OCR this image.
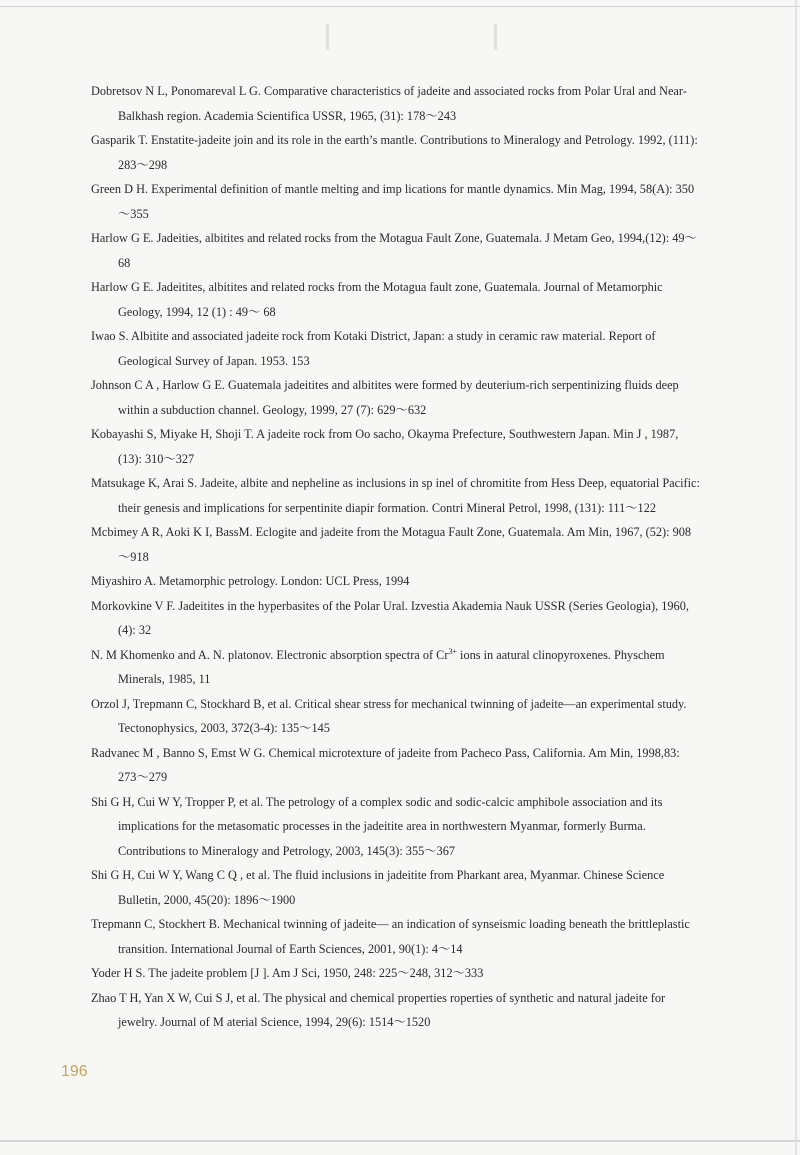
Dobretsov N L, Ponomareval L G. Comparative characteristics of jadeite and associated rocks from Polar Ural and Near-Balkhash region. Academia Scientifica USSR, 1965, (31): 178～243

Gasparik T. Enstatite-jadeite join and its role in the earth’s mantle. Contributions to Mineralogy and Petrology. 1992, (111): 283～298

Green D H. Experimental definition of mantle melting and imp lications for mantle dynamics. Min Mag, 1994, 58(A): 350～355

Harlow G E. Jadeities, albitites and related rocks from the Motagua Fault Zone, Guatemala. J Metam Geo, 1994,(12): 49～68

Harlow G E. Jadeitites, albitites and related rocks from the Motagua fault zone, Guatemala. Journal of Metamorphic Geology, 1994, 12 (1) : 49～ 68

Iwao S. Albitite and associated jadeite rock from Kotaki District, Japan: a study in ceramic raw material. Report of Geological Survey of Japan. 1953. 153

Johnson C A , Harlow G E. Guatemala jadeitites and albitites were formed by deuterium-rich serpentinizing fluids deep within a subduction channel. Geology, 1999, 27 (7): 629～632

Kobayashi S, Miyake H, Shoji T. A jadeite rock from Oo sacho, Okayma Prefecture, Southwestern Japan. Min J , 1987,(13): 310～327

Matsukage K, Arai S. Jadeite, albite and nepheline as inclusions in sp inel of chromitite from Hess Deep, equatorial Pacific: their genesis and implications for serpentinite diapir formation. Contri Mineral Petrol, 1998, (131): 111～122

Mcbimey A R, Aoki K I, BassM. Eclogite and jadeite from the Motagua Fault Zone, Guatemala. Am Min, 1967, (52): 908～918

Miyashiro A. Metamorphic petrology. London: UCL Press, 1994

Morkovkine V F. Jadeitites in the hyperbasites of the Polar Ural. Izvestia Akademia Nauk USSR (Series Geologia), 1960,(4): 32

N. M Khomenko and A. N. platonov. Electronic absorption spectra of $Cr^{3+}$ ions in aatural clinopyroxenes. Physchem Minerals, 1985, 11

Orzol J, Trepmann C, Stockhard B, et al. Critical shear stress for mechanical twinning of jadeite—an experimental study. Tectonophysics, 2003, 372(3-4): 135～145

Radvanec M , Banno S, Emst W G. Chemical microtexture of jadeite from Pacheco Pass, California. Am Min, 1998,83: 273～279

Shi G H, Cui W Y, Tropper P, et al. The petrology of a complex sodic and sodic-calcic amphibole association and its implications for the metasomatic processes in the jadeitite area in northwestern Myanmar, formerly Burma. Contributions to Mineralogy and Petrology, 2003, 145(3): 355～367

Shi G H, Cui W Y, Wang C Q , et al. The fluid inclusions in jadeitite from Pharkant area, Myanmar. Chinese Science Bulletin, 2000, 45(20): 1896～1900

Trepmann C, Stockhert B. Mechanical twinning of jadeite— an indication of synseismic loading beneath the brittleplastic transition. International Journal of Earth Sciences, 2001, 90(1): 4～14

Yoder H S. The jadeite problem [J ]. Am J Sci, 1950, 248: 225～248, 312～333

Zhao T H, Yan X W, Cui S J, et al. The physical and chemical properties roperties of synthetic and natural jadeite for jewelry. Journal of M aterial Science, 1994, 29(6): 1514～1520

196
